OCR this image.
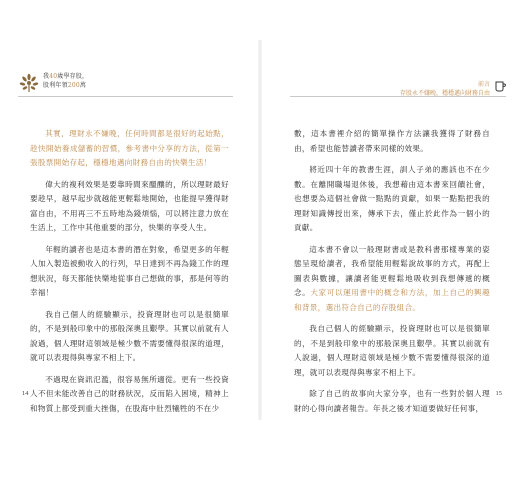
我40歲學存股，
股利年領200萬

其實，理財永不嫌晚，任何時間都是很好的起始點，趁快開始養成儲蓄的習慣，參考書中分享的方法，從第一張股票開始存起，穩穩地邁向財務自由的快樂生活！

偉大的複利效果是要靠時間來醞釀的，所以理財最好要趁早，越早起步就越能更輕鬆地開始，也能提早獲得財富自由，不用再三不五時地為錢煩惱，可以將注意力放在生活上，工作中其他重要的部分，快樂的享受人生。

年輕的讀者也是這本書的潛在對象，希望更多的年輕人加入製造被動收入的行列，早日達到不再為錢工作的理想狀況，每天都能快樂地從事自己想做的事，那是何等的幸福！

我自己個人的經驗顯示，投資理財也可以是很簡單的，不是到般印象中的那般深奧且艱學。其實以前就有人說過，個人理財這領域是極少數不需要懂得很深的道理，就可以表現得與專家不相上下。

不過現在資訊氾濫，很容易無所適從。更有一些投資人不但未能改善自己的財務狀況，反而陷入困境，精神上和物質上都受到重大挫傷，在股海中壯烈犧牲的不在少

14
前言
存股永不嫌晚，穩穩邁向財務自由

數，這本書裡介紹的簡單操作方法讓我獲得了財務自由，希望也能替讀者帶來同樣的效果。

將近四十年的教書生涯，訓人子弟的應該也不在少數。在離開職場退休後，我想藉由這本書來回饋社會，也想要為這個社會做一點點的貢獻，如果一點點把我的理財知識傳授出來，傳承下去，僅止於此作為一個小的貢獻。

這本書不會以一般理財書或是教科書那樣專業的姿態呈現給讀者，我希望能用輕鬆說故事的方式，再配上圖表與數據，讓讀者能更輕鬆地吸收到我想傳遞的概念。大家可以運用書中的概念和方法，加上自己的興趣和背景，選出符合自己的存股組合。

我自己個人的經驗顯示，投資理財也可以是很簡單的，不是到般印象中的那般深奧且艱學。其實以前就有人說過，個人理財這領域是極少數不需要懂得很深的道理，就可以表現得與專家不相上下。

除了自己的故事向大家分享，也有一些對於個人理財的心得向讀者報告。年長之後才知道要做好任何事，

15
